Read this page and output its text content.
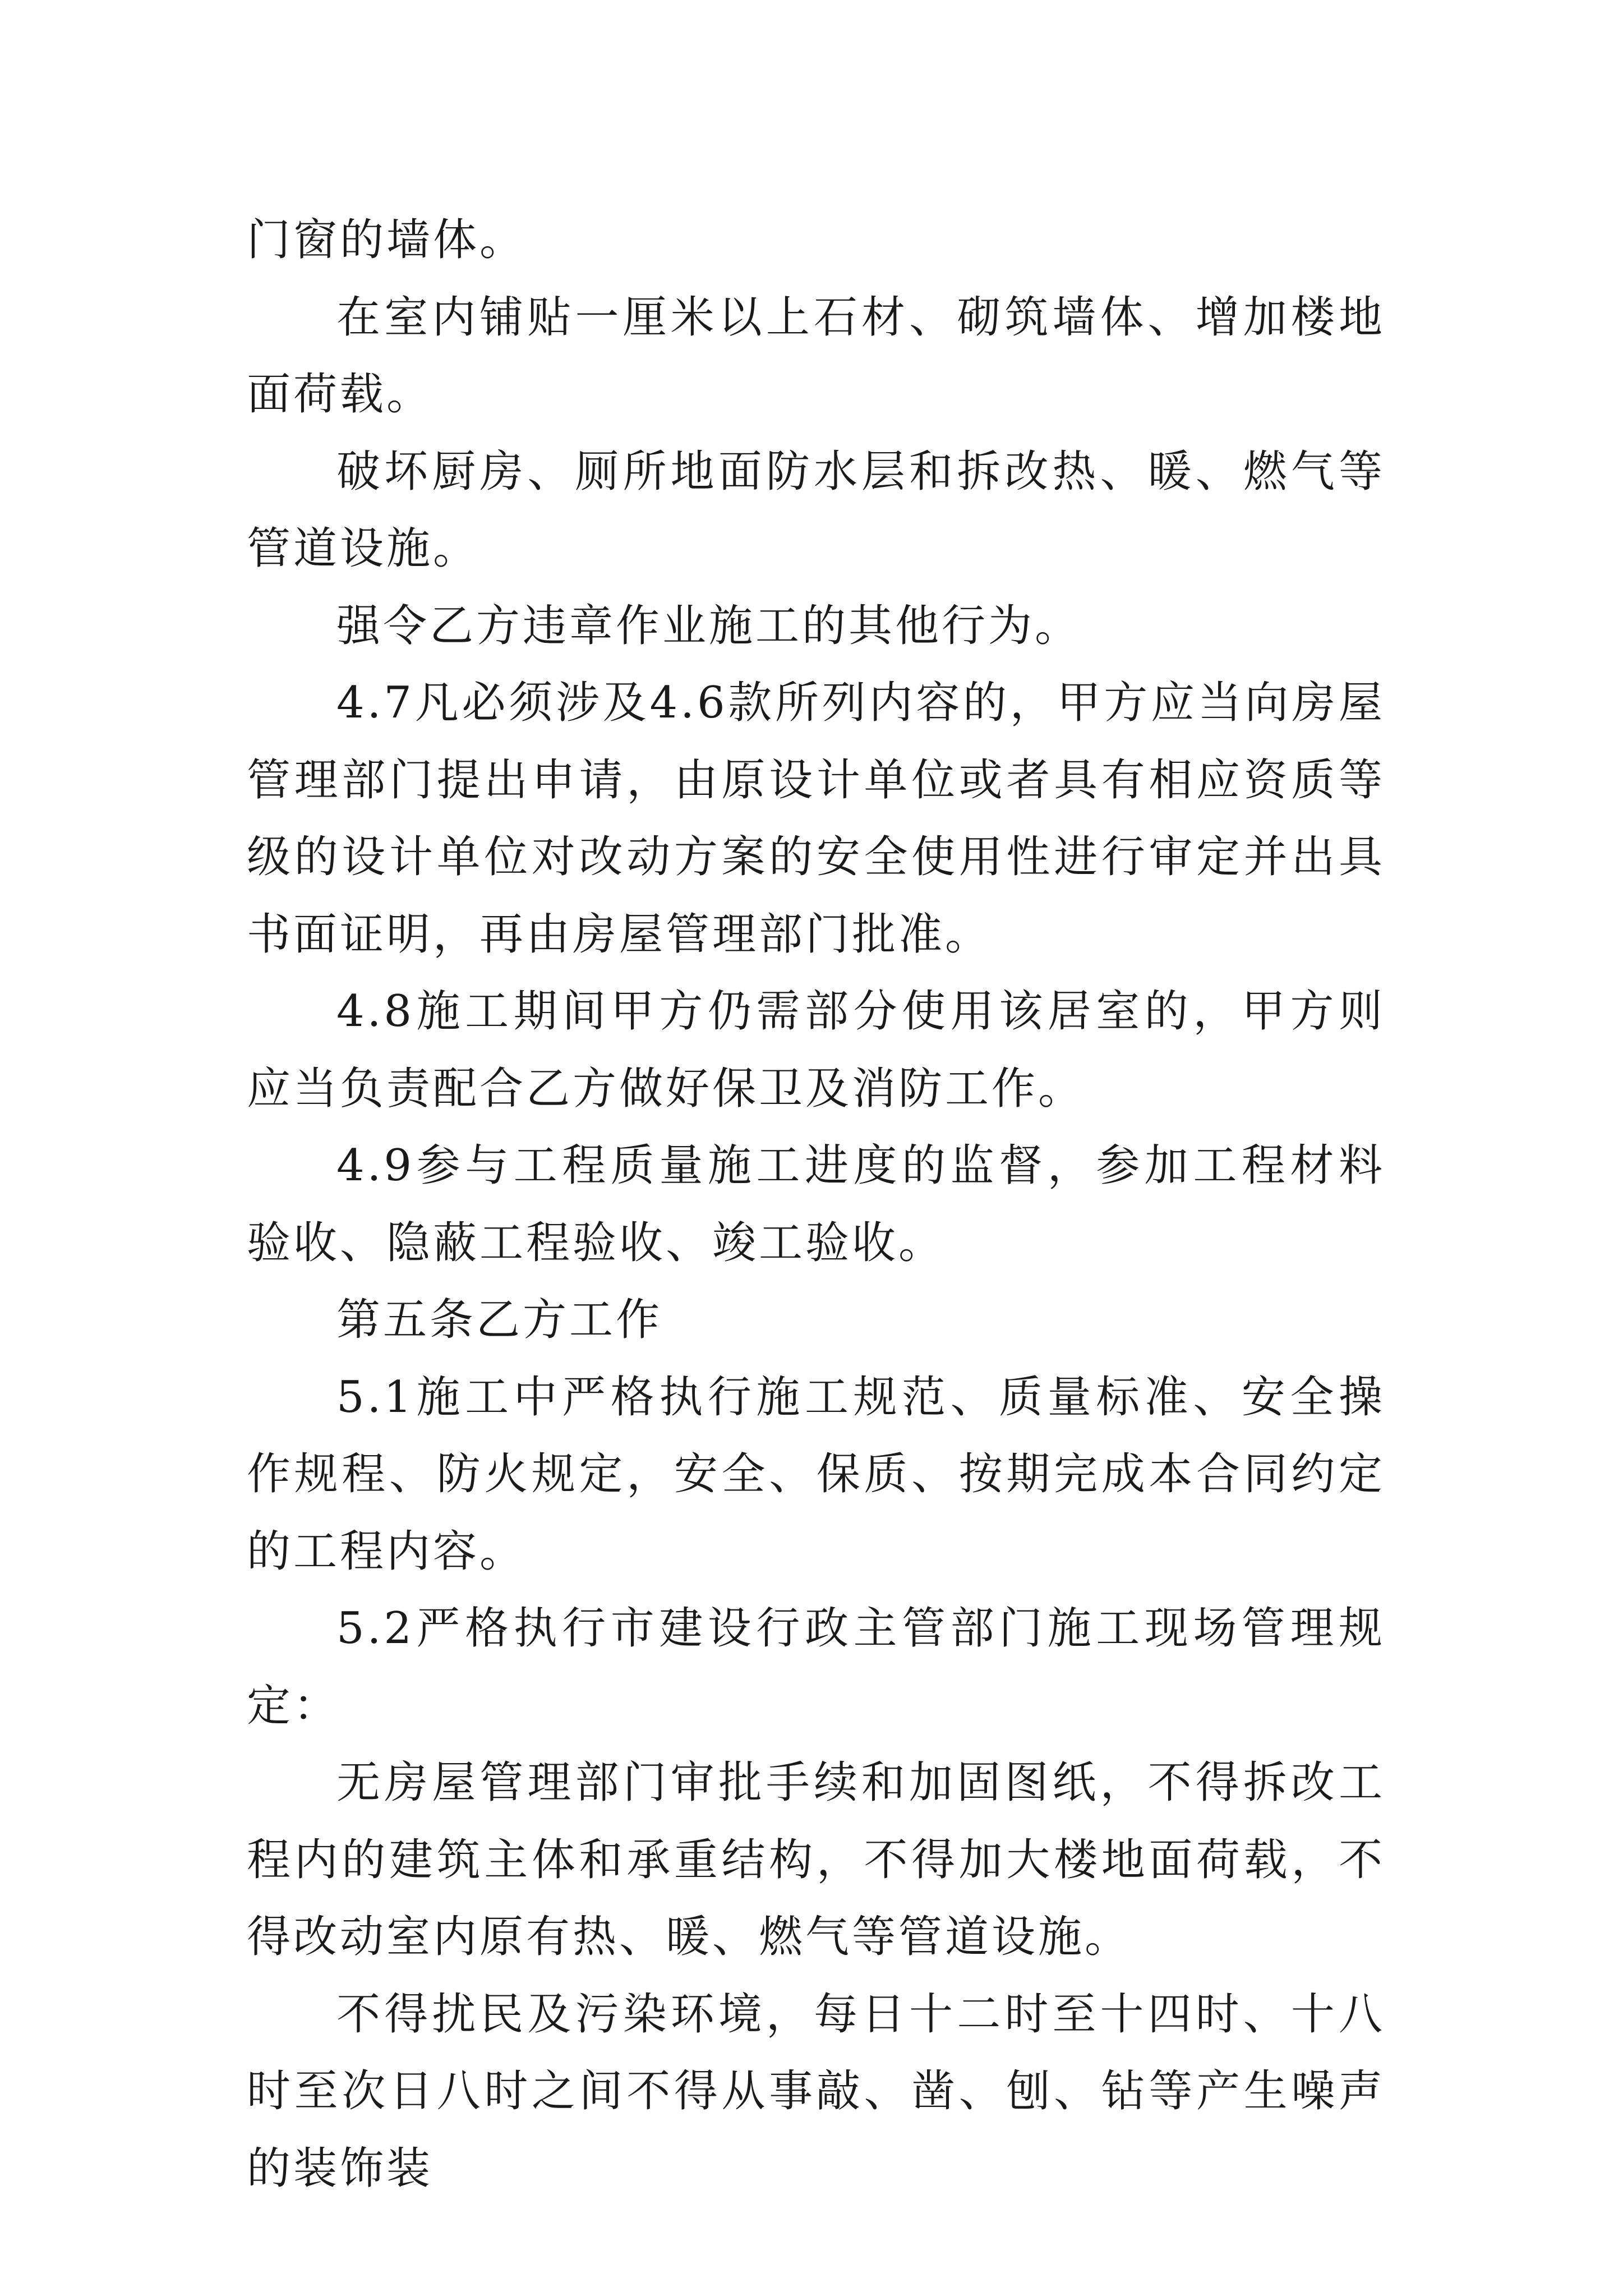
门窗的墙体。

在室内铺贴一厘米以上石材、砌筑墙体、增加楼地面荷载。

破坏厨房、厕所地面防水层和拆改热、暖、燃气等管道设施。

强令乙方违章作业施工的其他行为。

4.7凡必须涉及4.6款所列内容的，甲方应当向房屋管理部门提出申请，由原设计单位或者具有相应资质等级的设计单位对改动方案的安全使用性进行审定并出具书面证明，再由房屋管理部门批准。

4.8施工期间甲方仍需部分使用该居室的，甲方则应当负责配合乙方做好保卫及消防工作。

4.9参与工程质量施工进度的监督，参加工程材料验收、隐蔽工程验收、竣工验收。

第五条乙方工作

5.1施工中严格执行施工规范、质量标准、安全操作规程、防火规定，安全、保质、按期完成本合同约定的工程内容。

5.2严格执行市建设行政主管部门施工现场管理规定：

无房屋管理部门审批手续和加固图纸，不得拆改工程内的建筑主体和承重结构，不得加大楼地面荷载，不得改动室内原有热、暖、燃气等管道设施。

不得扰民及污染环境，每日十二时至十四时、十八时至次日八时之间不得从事敲、凿、刨、钻等产生噪声的装饰装
